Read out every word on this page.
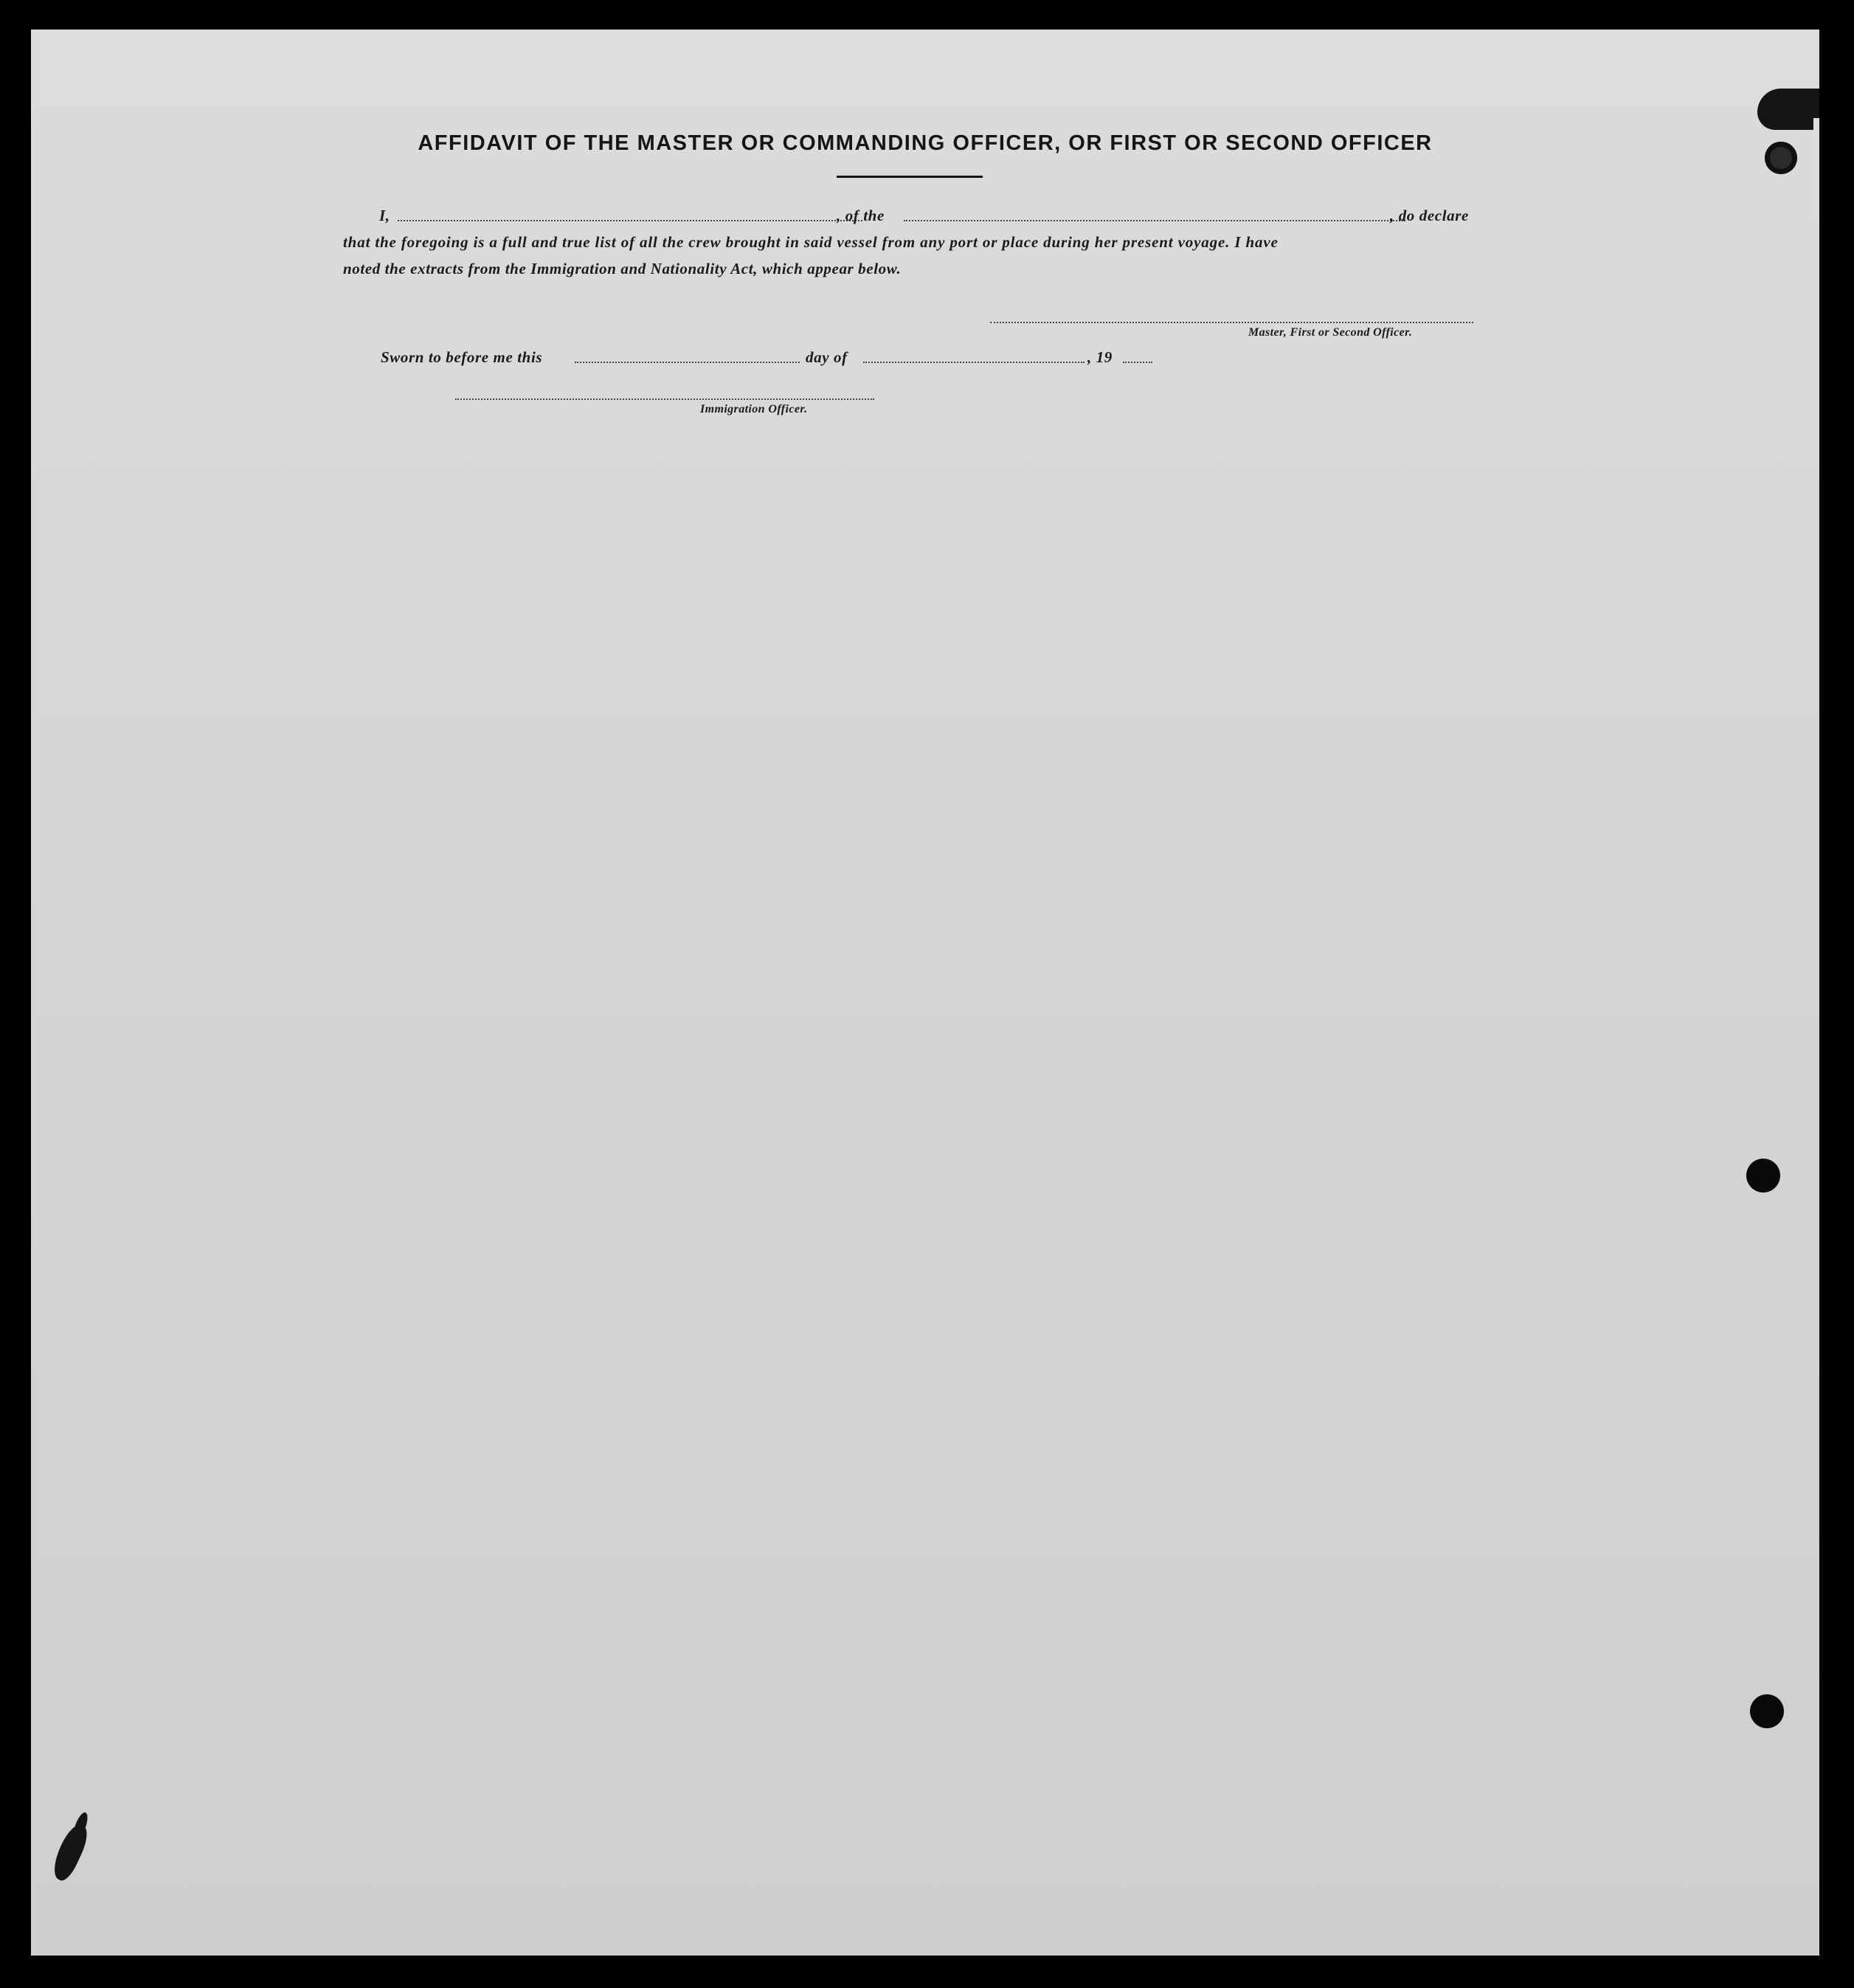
AFFIDAVIT OF THE MASTER OR COMMANDING OFFICER, OR FIRST OR SECOND OFFICER
I,	, of the	, do declare
that the foregoing is a full and true list of all the crew brought in said vessel from any port or place during her present voyage. I have
noted the extracts from the Immigration and Nationality Act, which appear below.
Master, First or Second Officer.
Sworn to before me this	day of	, 19
Immigration Officer.
